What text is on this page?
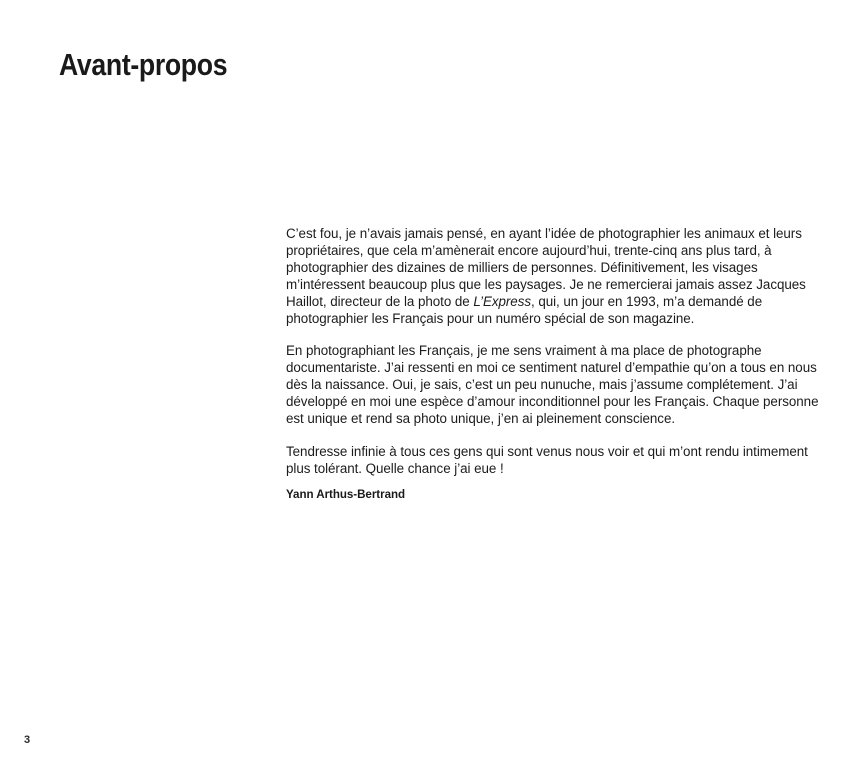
Avant-propos

C’est fou, je n’avais jamais pensé, en ayant l’idée de photographier les animaux et leurs propriétaires, que cela m’amènerait encore aujourd’hui, trente-cinq ans plus tard, à photographier des dizaines de milliers de personnes. Définitivement, les visages m’intéressent beaucoup plus que les paysages. Je ne remercierai jamais assez Jacques Haillot, directeur de la photo de L’Express, qui, un jour en 1993, m’a demandé de photographier les Français pour un numéro spécial de son magazine.

En photographiant les Français, je me sens vraiment à ma place de photographe documentariste. J’ai ressenti en moi ce sentiment naturel d’empathie qu’on a tous en nous dès la naissance. Oui, je sais, c’est un peu nunuche, mais j’assume complétement. J’ai développé en moi une espèce d’amour inconditionnel pour les Français. Chaque personne est unique et rend sa photo unique, j’en ai pleinement conscience.

Tendresse infinie à tous ces gens qui sont venus nous voir et qui m’ont rendu intimement plus tolérant. Quelle chance j’ai eue !

Yann Arthus-Bertrand
3
